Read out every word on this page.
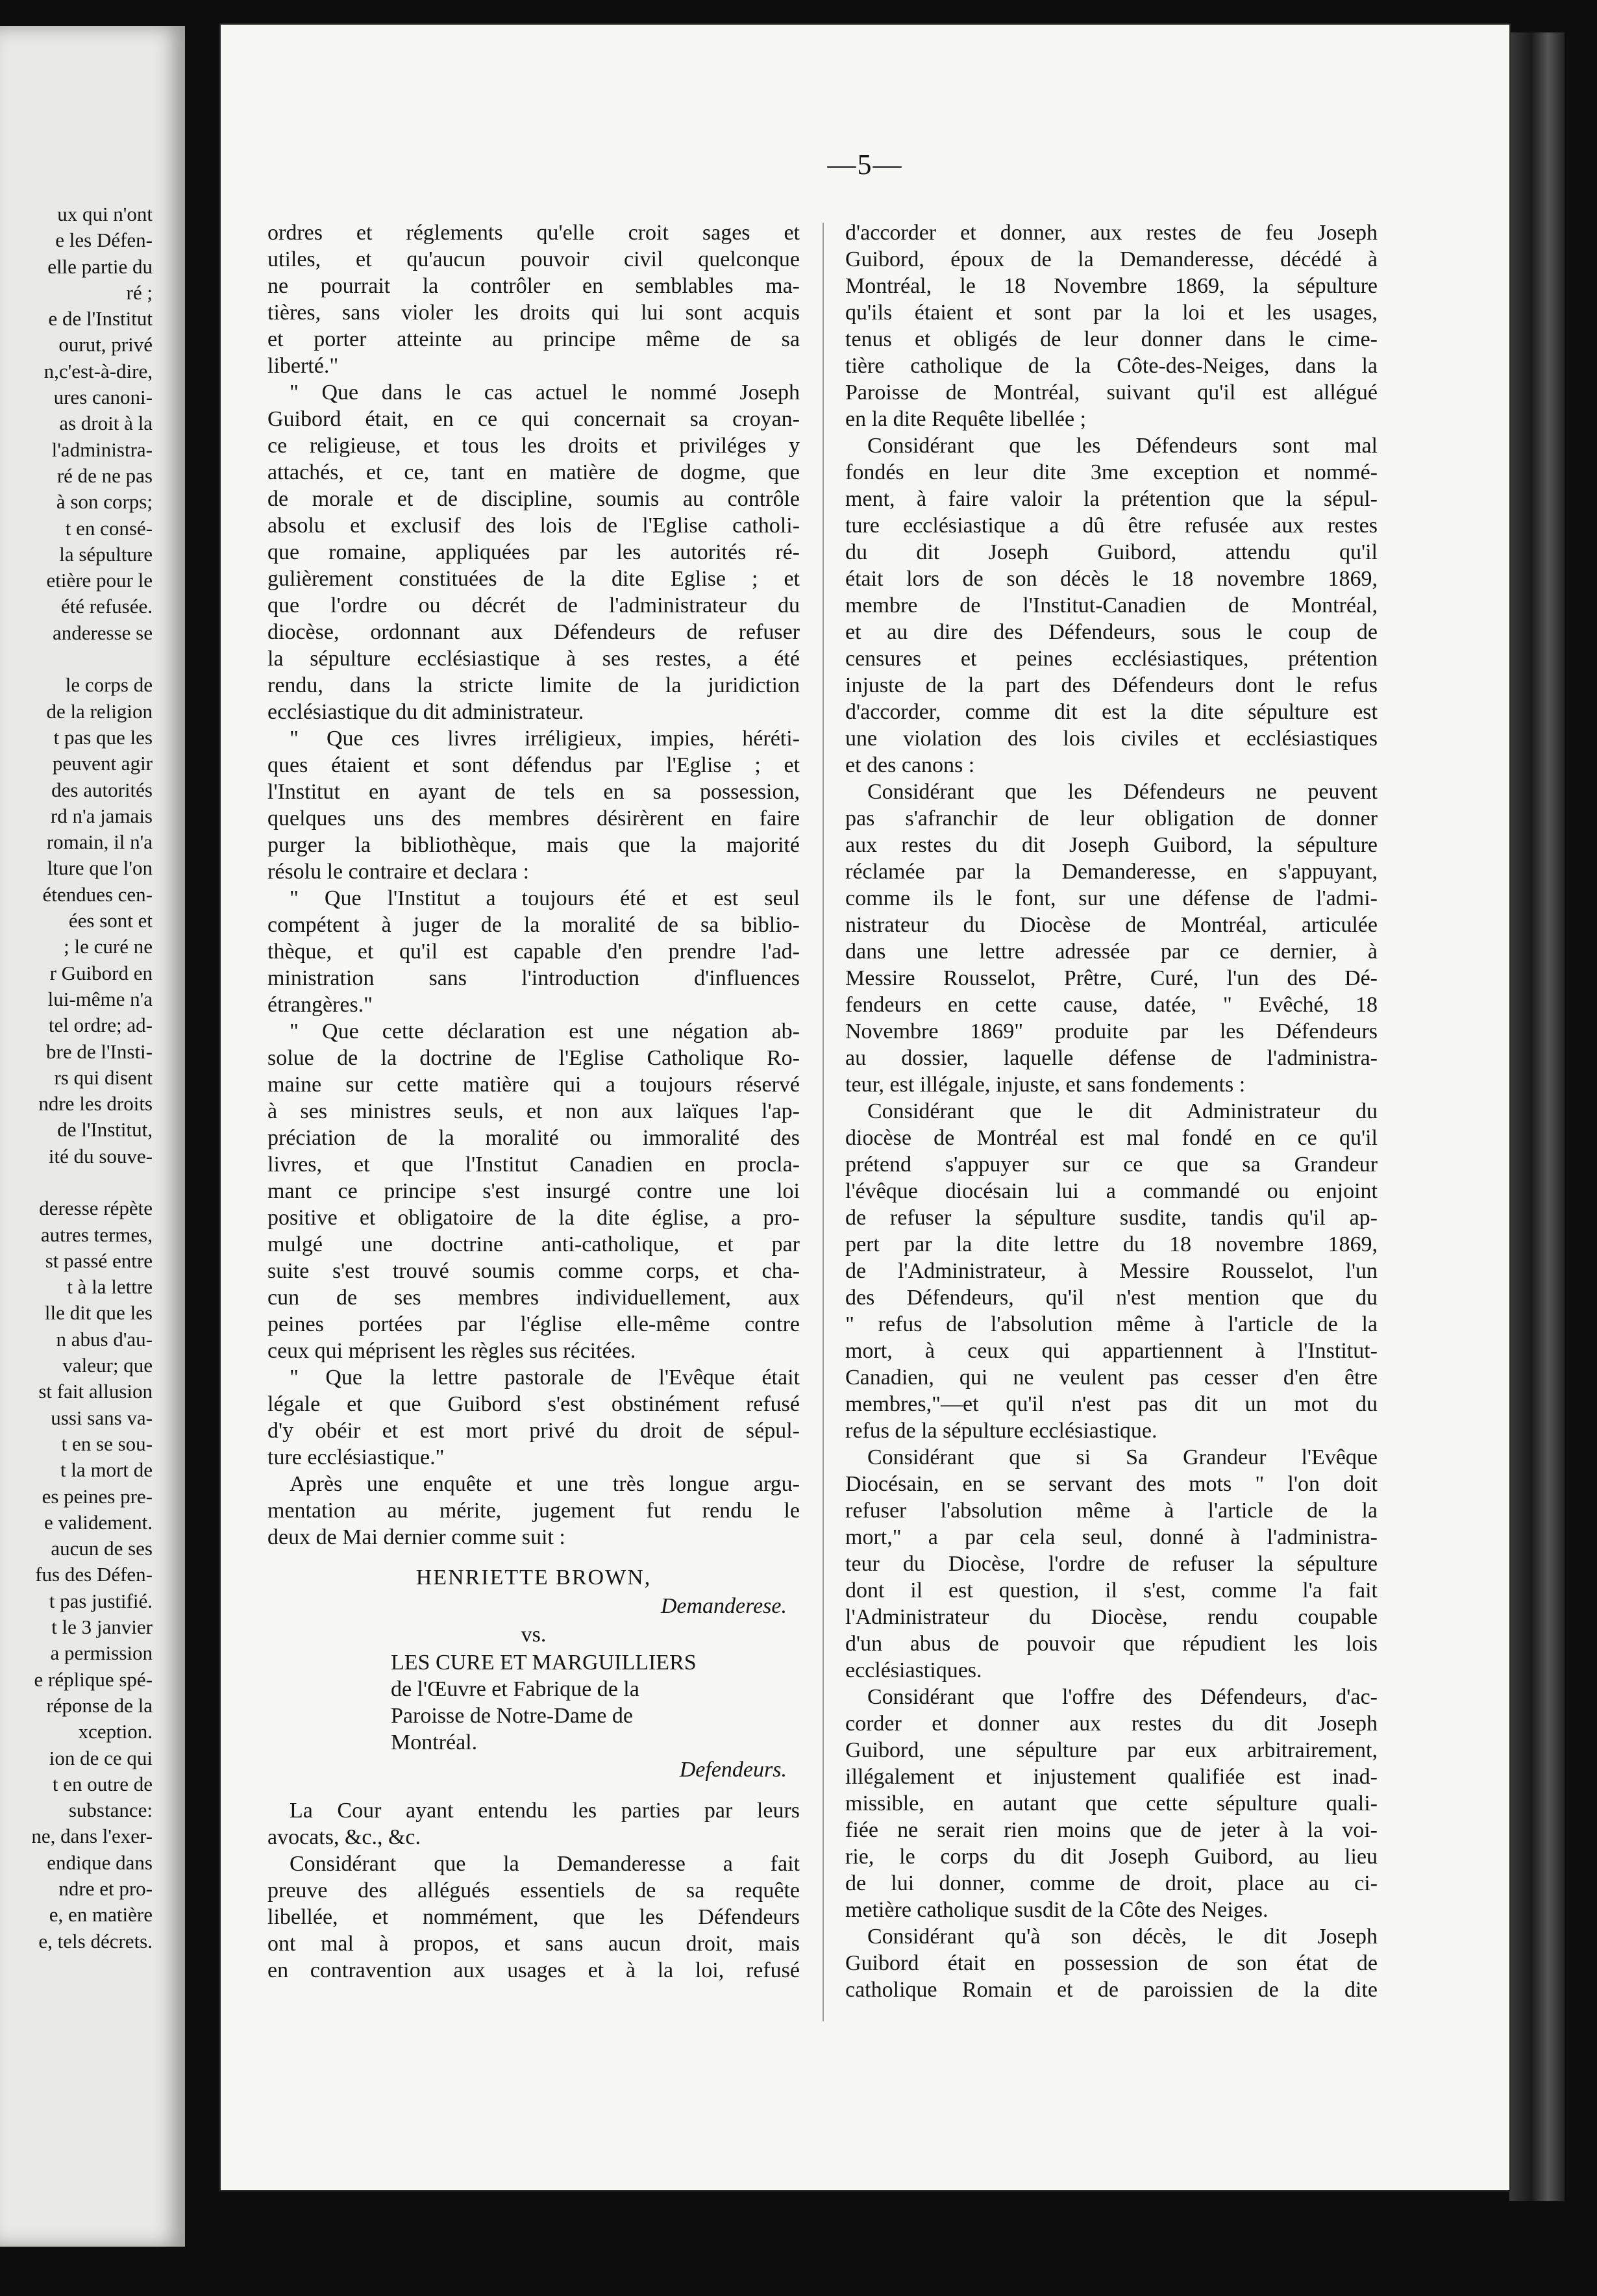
ux qui n'ont
e les Défen-
elle partie du
ré ;
e de l'Institut
ourut, privé
n,c'est-à-dire,
ures canoni-
as droit à la
l'administra-
ré de ne pas
à son corps;
t en consé-
la sépulture
etière pour le
été refusée.
anderesse se

le corps de
de la religion
t pas que les
peuvent agir
des autorités
rd n'a jamais
romain, il n'a
lture que l'on
étendues cen-
ées sont et
; le curé ne
r Guibord en
lui-même n'a
tel ordre; ad-
bre de l'Insti-
rs qui disent
ndre les droits
de l'Institut,
ité du souve-

deresse répète
autres termes,
st passé entre
t à la lettre
lle dit que les
n abus d'au-
valeur; que
st fait allusion
ussi sans va-
t en se sou-
t la mort de
es peines pre-
e validement.
aucun de ses
fus des Défen-
t pas justifié.
t le 3 janvier
a permission
e réplique spé-
réponse de la
xception.
ion de ce qui
t en outre de
substance:
ne, dans l'exer-
endique dans
ndre et pro-
e, en matière
e, tels décrets.
—5—
ordres et réglements qu'elle croit sages et
utiles, et qu'aucun pouvoir civil quelconque
ne pourrait la contrôler en semblables ma-
tières, sans violer les droits qui lui sont acquis
et porter atteinte au principe même de sa
liberté."
" Que dans le cas actuel le nommé Joseph
Guibord était, en ce qui concernait sa croyan-
ce religieuse, et tous les droits et priviléges y
attachés, et ce, tant en matière de dogme, que
de morale et de discipline, soumis au contrôle
absolu et exclusif des lois de l'Eglise catholi-
que romaine, appliquées par les autorités ré-
gulièrement constituées de la dite Eglise ; et
que l'ordre ou décrét de l'administrateur du
diocèse, ordonnant aux Défendeurs de refuser
la sépulture ecclésiastique à ses restes, a été
rendu, dans la stricte limite de la juridiction
ecclésiastique du dit administrateur.
" Que ces livres irréligieux, impies, héréti-
ques étaient et sont défendus par l'Eglise ; et
l'Institut en ayant de tels en sa possession,
quelques uns des membres désirèrent en faire
purger la bibliothèque, mais que la majorité
résolu le contraire et declara :
" Que l'Institut a toujours été et est seul
compétent à juger de la moralité de sa biblio-
thèque, et qu'il est capable d'en prendre l'ad-
ministration sans l'introduction d'influences
étrangères."
" Que cette déclaration est une négation ab-
solue de la doctrine de l'Eglise Catholique Ro-
maine sur cette matière qui a toujours réservé
à ses ministres seuls, et non aux laïques l'ap-
préciation de la moralité ou immoralité des
livres, et que l'Institut Canadien en procla-
mant ce principe s'est insurgé contre une loi
positive et obligatoire de la dite église, a pro-
mulgé une doctrine anti-catholique, et par
suite s'est trouvé soumis comme corps, et cha-
cun de ses membres individuellement, aux
peines portées par l'église elle-même contre
ceux qui méprisent les règles sus récitées.
" Que la lettre pastorale de l'Evêque était
légale et que Guibord s'est obstinément refusé
d'y obéir et est mort privé du droit de sépul-
ture ecclésiastique."
Après une enquête et une très longue argu-
mentation au mérite, jugement fut rendu le
deux de Mai dernier comme suit :
HENRIETTE BROWN,
Demanderese.
vs.
LES CURE ET MARGUILLIERS
de l'Œuvre et Fabrique de la
Paroisse de Notre-Dame de
Montréal.
Defendeurs.
La Cour ayant entendu les parties par leurs
avocats, &c., &c.
Considérant que la Demanderesse a fait
preuve des allégués essentiels de sa requête
libellée, et nommément, que les Défendeurs
ont mal à propos, et sans aucun droit, mais
en contravention aux usages et à la loi, refusé
d'accorder et donner, aux restes de feu Joseph
Guibord, époux de la Demanderesse, décédé à
Montréal, le 18 Novembre 1869, la sépulture
qu'ils étaient et sont par la loi et les usages,
tenus et obligés de leur donner dans le cime-
tière catholique de la Côte-des-Neiges, dans la
Paroisse de Montréal, suivant qu'il est allégué
en la dite Requête libellée ;
Considérant que les Défendeurs sont mal
fondés en leur dite 3me exception et nommé-
ment, à faire valoir la prétention que la sépul-
ture ecclésiastique a dû être refusée aux restes
du dit Joseph Guibord, attendu qu'il
était lors de son décès le 18 novembre 1869,
membre de l'Institut-Canadien de Montréal,
et au dire des Défendeurs, sous le coup de
censures et peines ecclésiastiques, prétention
injuste de la part des Défendeurs dont le refus
d'accorder, comme dit est la dite sépulture est
une violation des lois civiles et ecclésiastiques
et des canons :
Considérant que les Défendeurs ne peuvent
pas s'afranchir de leur obligation de donner
aux restes du dit Joseph Guibord, la sépulture
réclamée par la Demanderesse, en s'appuyant,
comme ils le font, sur une défense de l'admi-
nistrateur du Diocèse de Montréal, articulée
dans une lettre adressée par ce dernier, à
Messire Rousselot, Prêtre, Curé, l'un des Dé-
fendeurs en cette cause, datée, " Evêché, 18
Novembre 1869" produite par les Défendeurs
au dossier, laquelle défense de l'administra-
teur, est illégale, injuste, et sans fondements :
Considérant que le dit Administrateur du
diocèse de Montréal est mal fondé en ce qu'il
prétend s'appuyer sur ce que sa Grandeur
l'évêque diocésain lui a commandé ou enjoint
de refuser la sépulture susdite, tandis qu'il ap-
pert par la dite lettre du 18 novembre 1869,
de l'Administrateur, à Messire Rousselot, l'un
des Défendeurs, qu'il n'est mention que du
" refus de l'absolution même à l'article de la
mort, à ceux qui appartiennent à l'Institut-
Canadien, qui ne veulent pas cesser d'en être
membres,"—et qu'il n'est pas dit un mot du
refus de la sépulture ecclésiastique.
Considérant que si Sa Grandeur l'Evêque
Diocésain, en se servant des mots " l'on doit
refuser l'absolution même à l'article de la
mort," a par cela seul, donné à l'administra-
teur du Diocèse, l'ordre de refuser la sépulture
dont il est question, il s'est, comme l'a fait
l'Administrateur du Diocèse, rendu coupable
d'un abus de pouvoir que répudient les lois
ecclésiastiques.
Considérant que l'offre des Défendeurs, d'ac-
corder et donner aux restes du dit Joseph
Guibord, une sépulture par eux arbitrairement,
illégalement et injustement qualifiée est inad-
missible, en autant que cette sépulture quali-
fiée ne serait rien moins que de jeter à la voi-
rie, le corps du dit Joseph Guibord, au lieu
de lui donner, comme de droit, place au ci-
metière catholique susdit de la Côte des Neiges.
Considérant qu'à son décès, le dit Joseph
Guibord était en possession de son état de
catholique Romain et de paroissien de la dite
